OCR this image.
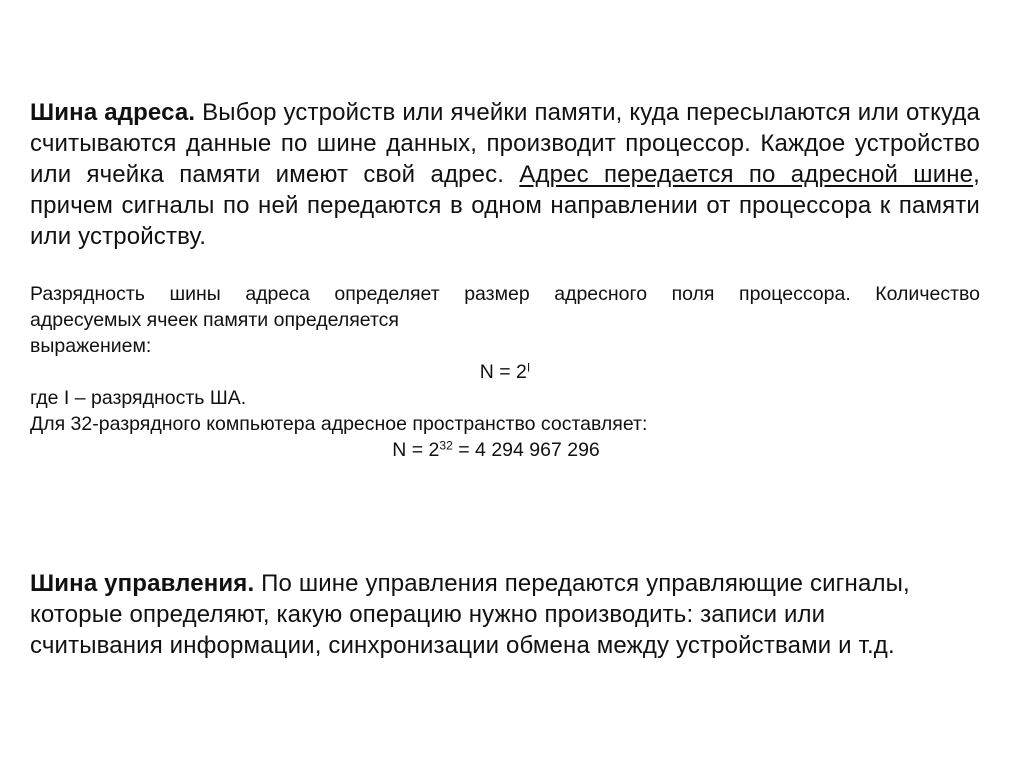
Шина адреса. Выбор устройств или ячейки памяти, куда пересылаются или откуда считываются данные по шине данных, производит процессор. Каждое устройство или ячейка памяти имеют свой адрес. Адрес передается по адресной шине, причем сигналы по ней передаются в одном направлении от процессора к памяти или устройству.
Разрядность шины адреса определяет размер адресного поля процессора. Количество
адресуемых ячеек памяти определяется
выражением:
$N = 2^I$
где I – разрядность ША.
Для 32-разрядного компьютера адресное пространство составляет:
$N = 2^{32} = 4$ 294 967 296
Шина управления. По шине управления передаются управляющие сигналы,
которые определяют, какую операцию нужно производить: записи или
считывания информации, синхронизации обмена между устройствами и т.д.
